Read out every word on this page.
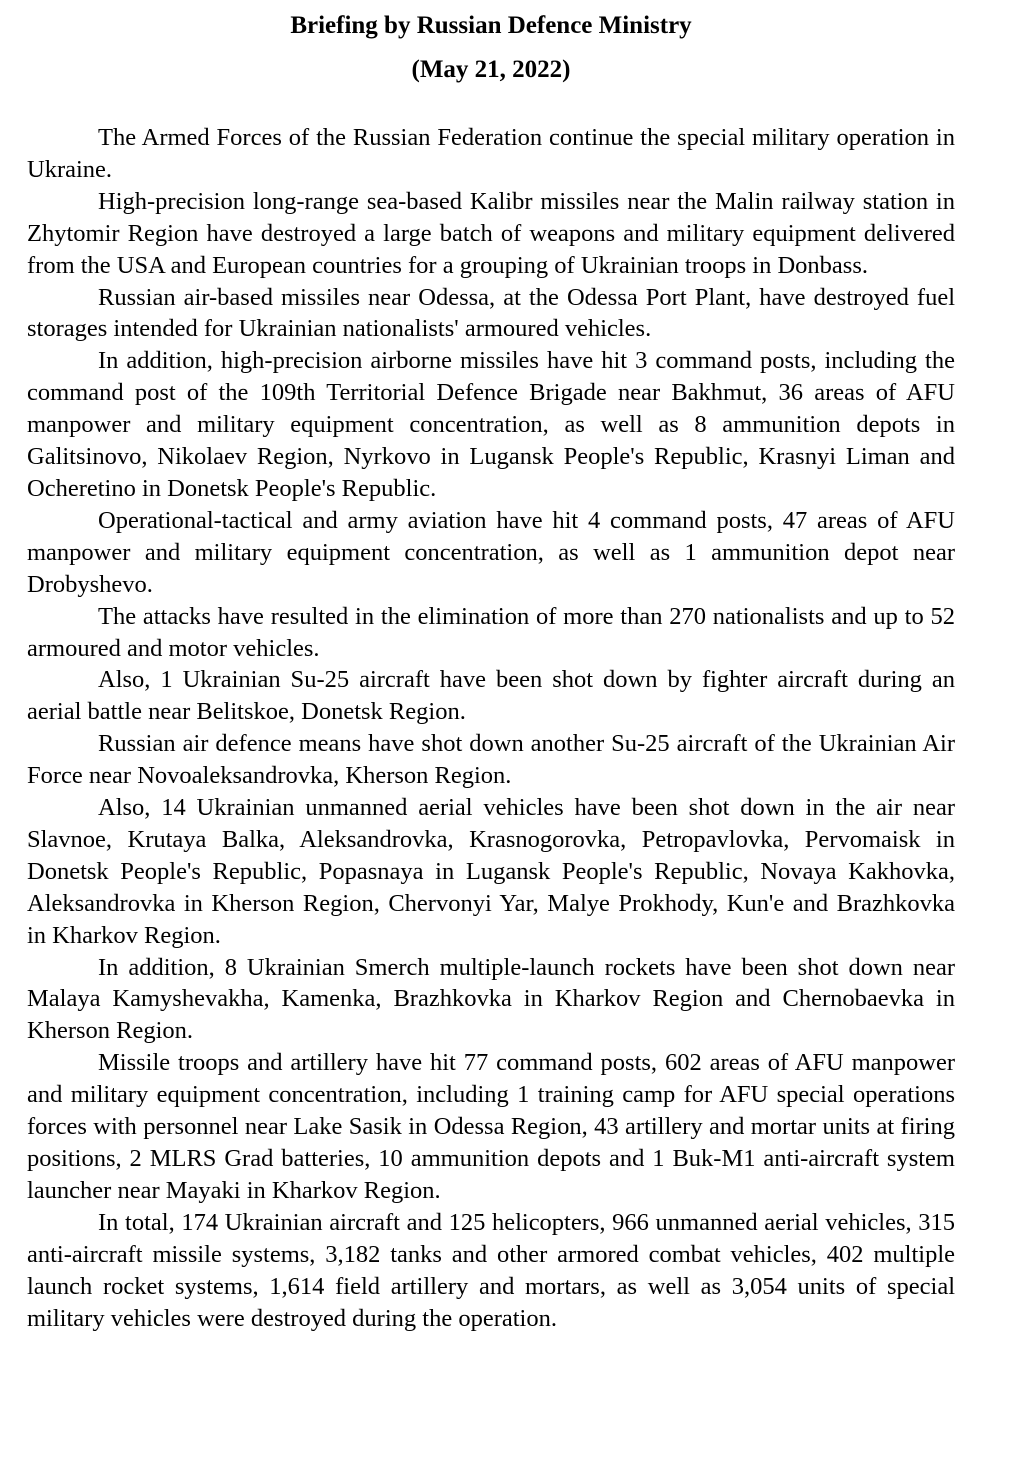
Briefing by Russian Defence Ministry
(May 21, 2022)

The Armed Forces of the Russian Federation continue the special military operation in Ukraine.

High-precision long-range sea-based Kalibr missiles near the Malin railway station in Zhytomir Region have destroyed a large batch of weapons and military equipment delivered from the USA and European countries for a grouping of Ukrainian troops in Donbass.

Russian air-based missiles near Odessa, at the Odessa Port Plant, have destroyed fuel storages intended for Ukrainian nationalists' armoured vehicles.

In addition, high-precision airborne missiles have hit 3 command posts, including the command post of the 109th Territorial Defence Brigade near Bakhmut, 36 areas of AFU manpower and military equipment concentration, as well as 8 ammunition depots in Galitsinovo, Nikolaev Region, Nyrkovo in Lugansk People's Republic, Krasnyi Liman and Ocheretino in Donetsk People's Republic.

Operational-tactical and army aviation have hit 4 command posts, 47 areas of AFU manpower and military equipment concentration, as well as 1 ammunition depot near Drobyshevo.

The attacks have resulted in the elimination of more than 270 nationalists and up to 52 armoured and motor vehicles.

Also, 1 Ukrainian Su-25 aircraft have been shot down by fighter aircraft during an aerial battle near Belitskoe, Donetsk Region.

Russian air defence means have shot down another Su-25 aircraft of the Ukrainian Air Force near Novoaleksandrovka, Kherson Region.

Also, 14 Ukrainian unmanned aerial vehicles have been shot down in the air near Slavnoe, Krutaya Balka, Aleksandrovka, Krasnogorovka, Petropavlovka, Pervomaisk in Donetsk People's Republic, Popasnaya in Lugansk People's Republic, Novaya Kakhovka, Aleksandrovka in Kherson Region, Chervonyi Yar, Malye Prokhody, Kun'e and Brazhkovka in Kharkov Region.

In addition, 8 Ukrainian Smerch multiple-launch rockets have been shot down near Malaya Kamyshevakha, Kamenka, Brazhkovka in Kharkov Region and Chernobaevka in Kherson Region.

Missile troops and artillery have hit 77 command posts, 602 areas of AFU manpower and military equipment concentration, including 1 training camp for AFU special operations forces with personnel near Lake Sasik in Odessa Region, 43 artillery and mortar units at firing positions, 2 MLRS Grad batteries, 10 ammunition depots and 1 Buk-M1 anti-aircraft system launcher near Mayaki in Kharkov Region.

In total, 174 Ukrainian aircraft and 125 helicopters, 966 unmanned aerial vehicles, 315 anti-aircraft missile systems, 3,182 tanks and other armored combat vehicles, 402 multiple launch rocket systems, 1,614 field artillery and mortars, as well as 3,054 units of special military vehicles were destroyed during the operation.
